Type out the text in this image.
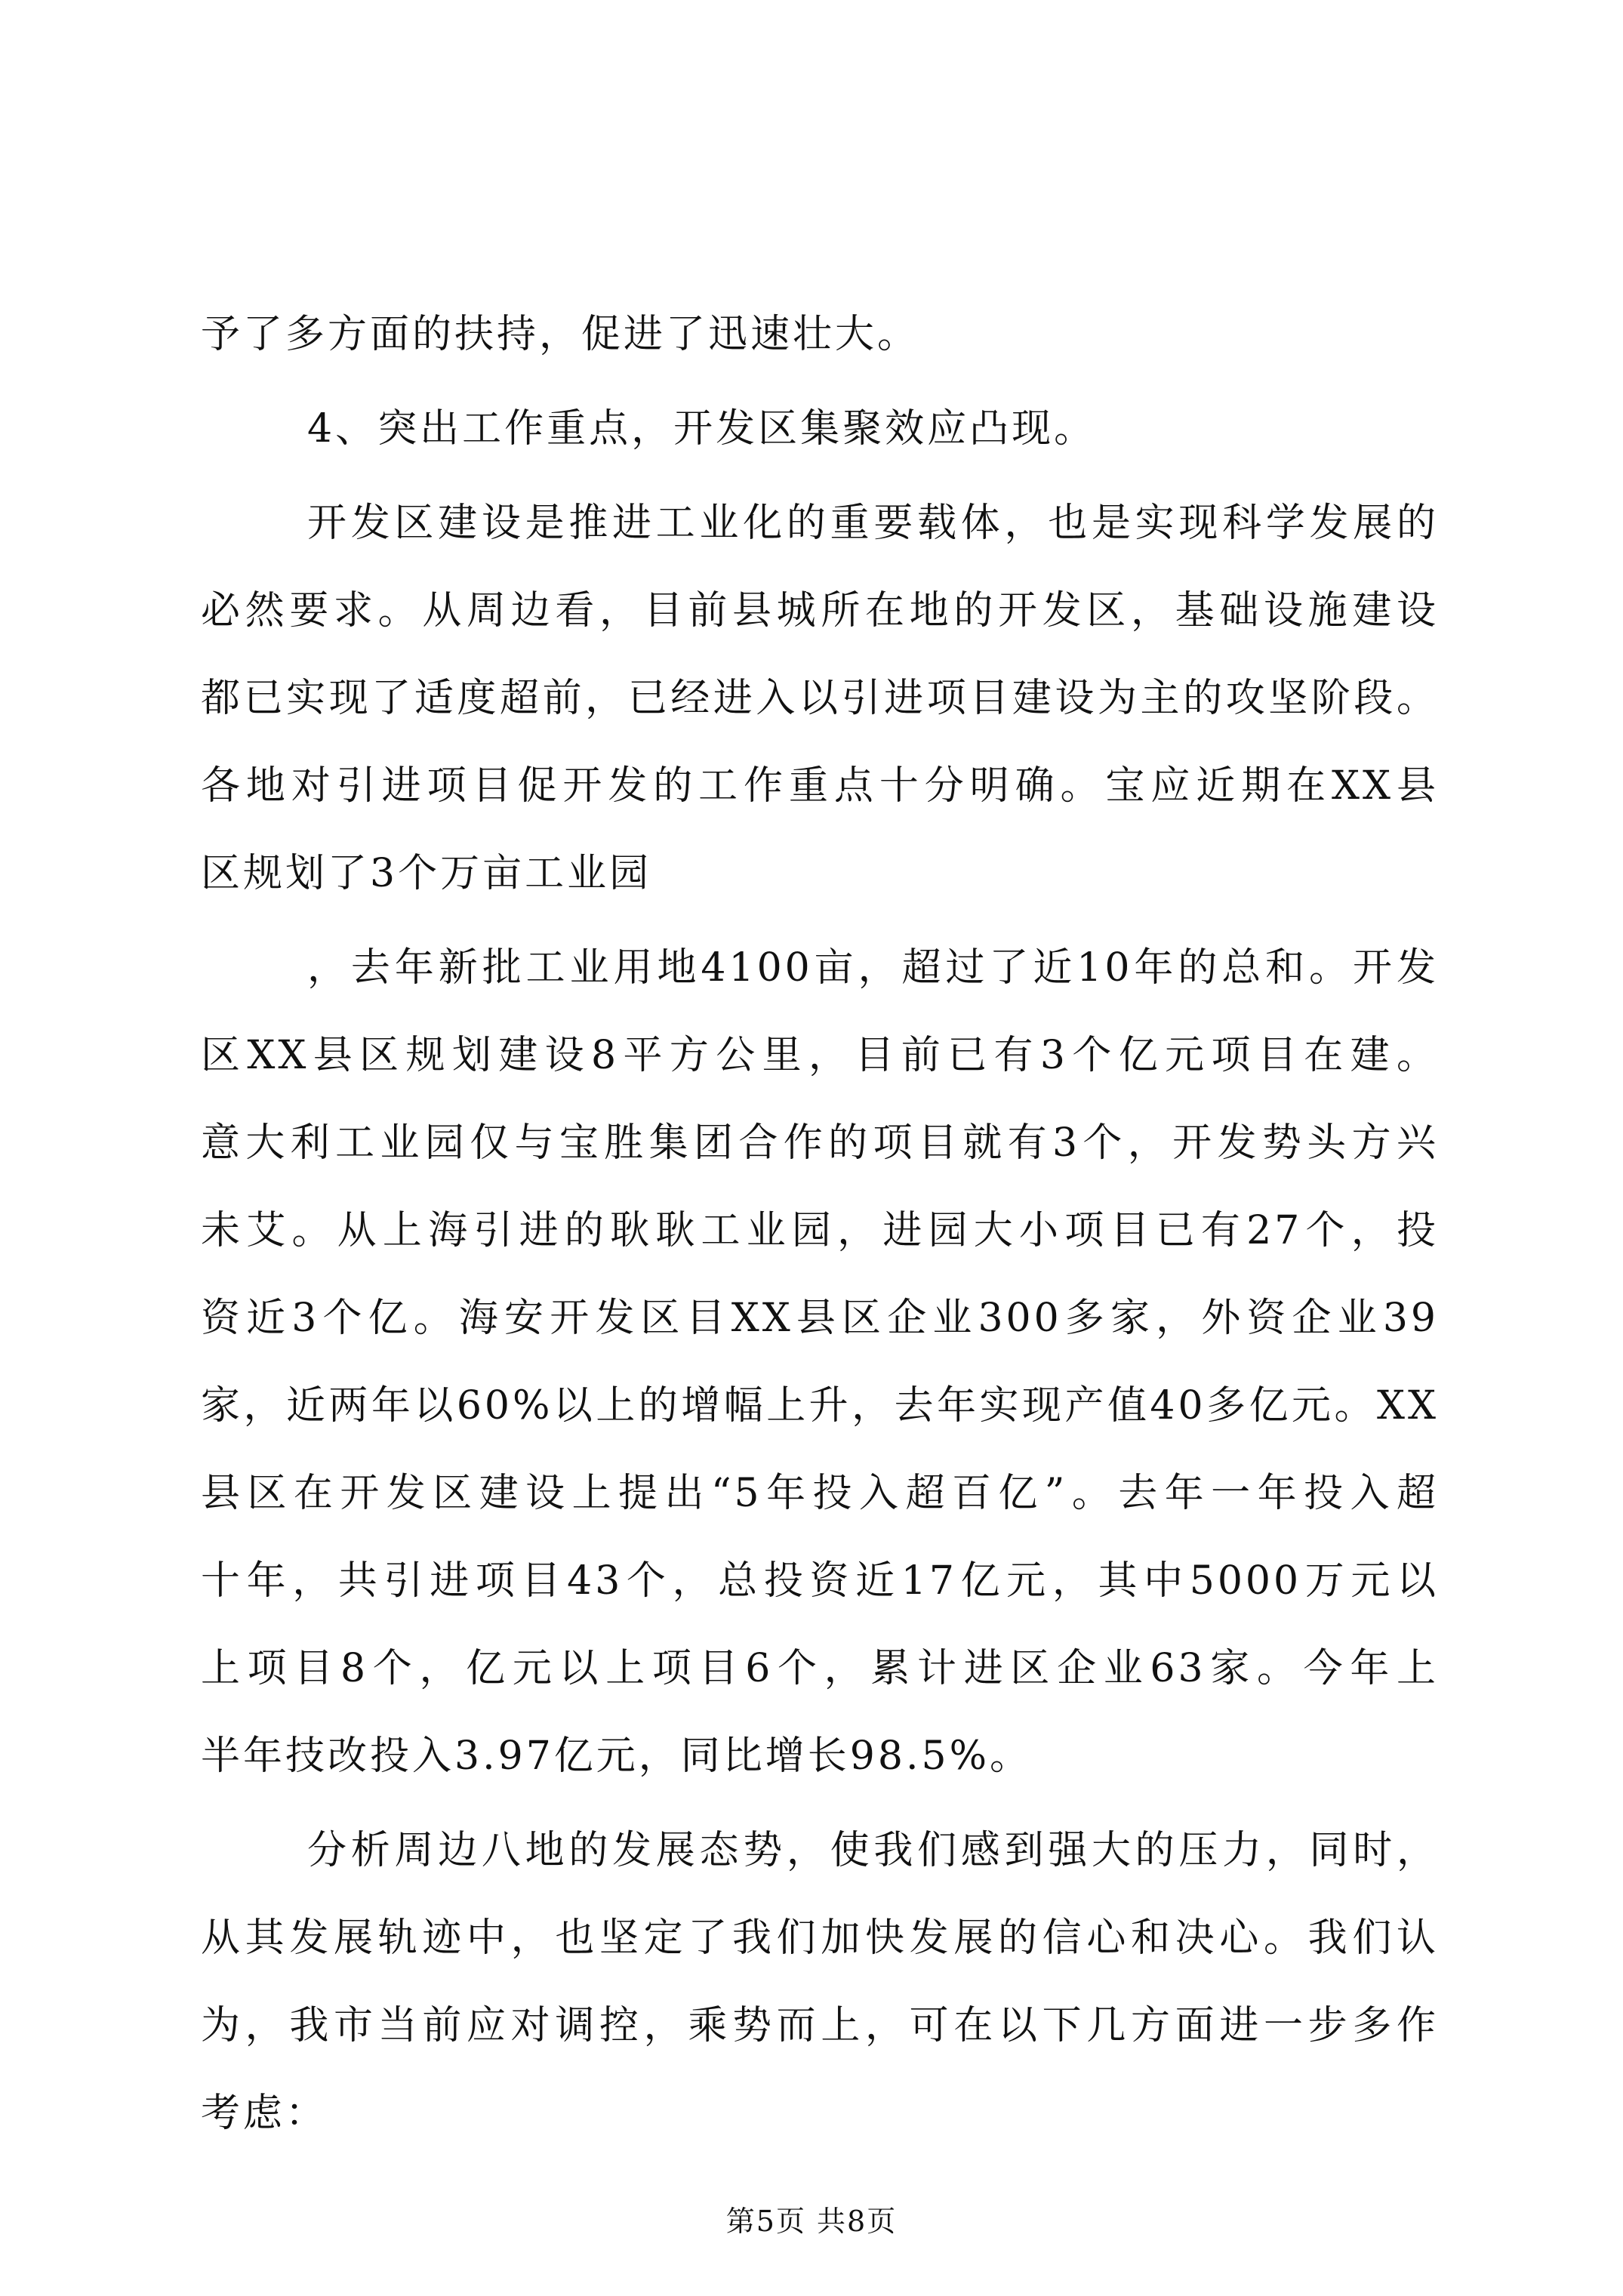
予了多方面的扶持，促进了迅速壮大。
4、突出工作重点，开发区集聚效应凸现。
开发区建设是推进工业化的重要载体，也是实现科学发展的
必然要求。从周边看，目前县城所在地的开发区，基础设施建设
都已实现了适度超前，已经进入以引进项目建设为主的攻坚阶段。
各地对引进项目促开发的工作重点十分明确。宝应近期在XX县
区规划了3个万亩工业园
，去年新批工业用地4100亩，超过了近10年的总和。开发
区XX县区规划建设8平方公里，目前已有3个亿元项目在建。
意大利工业园仅与宝胜集团合作的项目就有3个，开发势头方兴
未艾。从上海引进的耿耿工业园，进园大小项目已有27个，投
资近3个亿。海安开发区目XX县区企业300多家，外资企业39
家，近两年以60%以上的增幅上升，去年实现产值40多亿元。XX
县区在开发区建设上提出“5年投入超百亿”。去年一年投入超
十年，共引进项目43个，总投资近17亿元，其中5000万元以
上项目8个，亿元以上项目6个，累计进区企业63家。今年上
半年技改投入3.97亿元，同比增长98.5%。
分析周边八地的发展态势，使我们感到强大的压力，同时，
从其发展轨迹中，也坚定了我们加快发展的信心和决心。我们认
为，我市当前应对调控，乘势而上，可在以下几方面进一步多作
考虑：
第5页 共8页
